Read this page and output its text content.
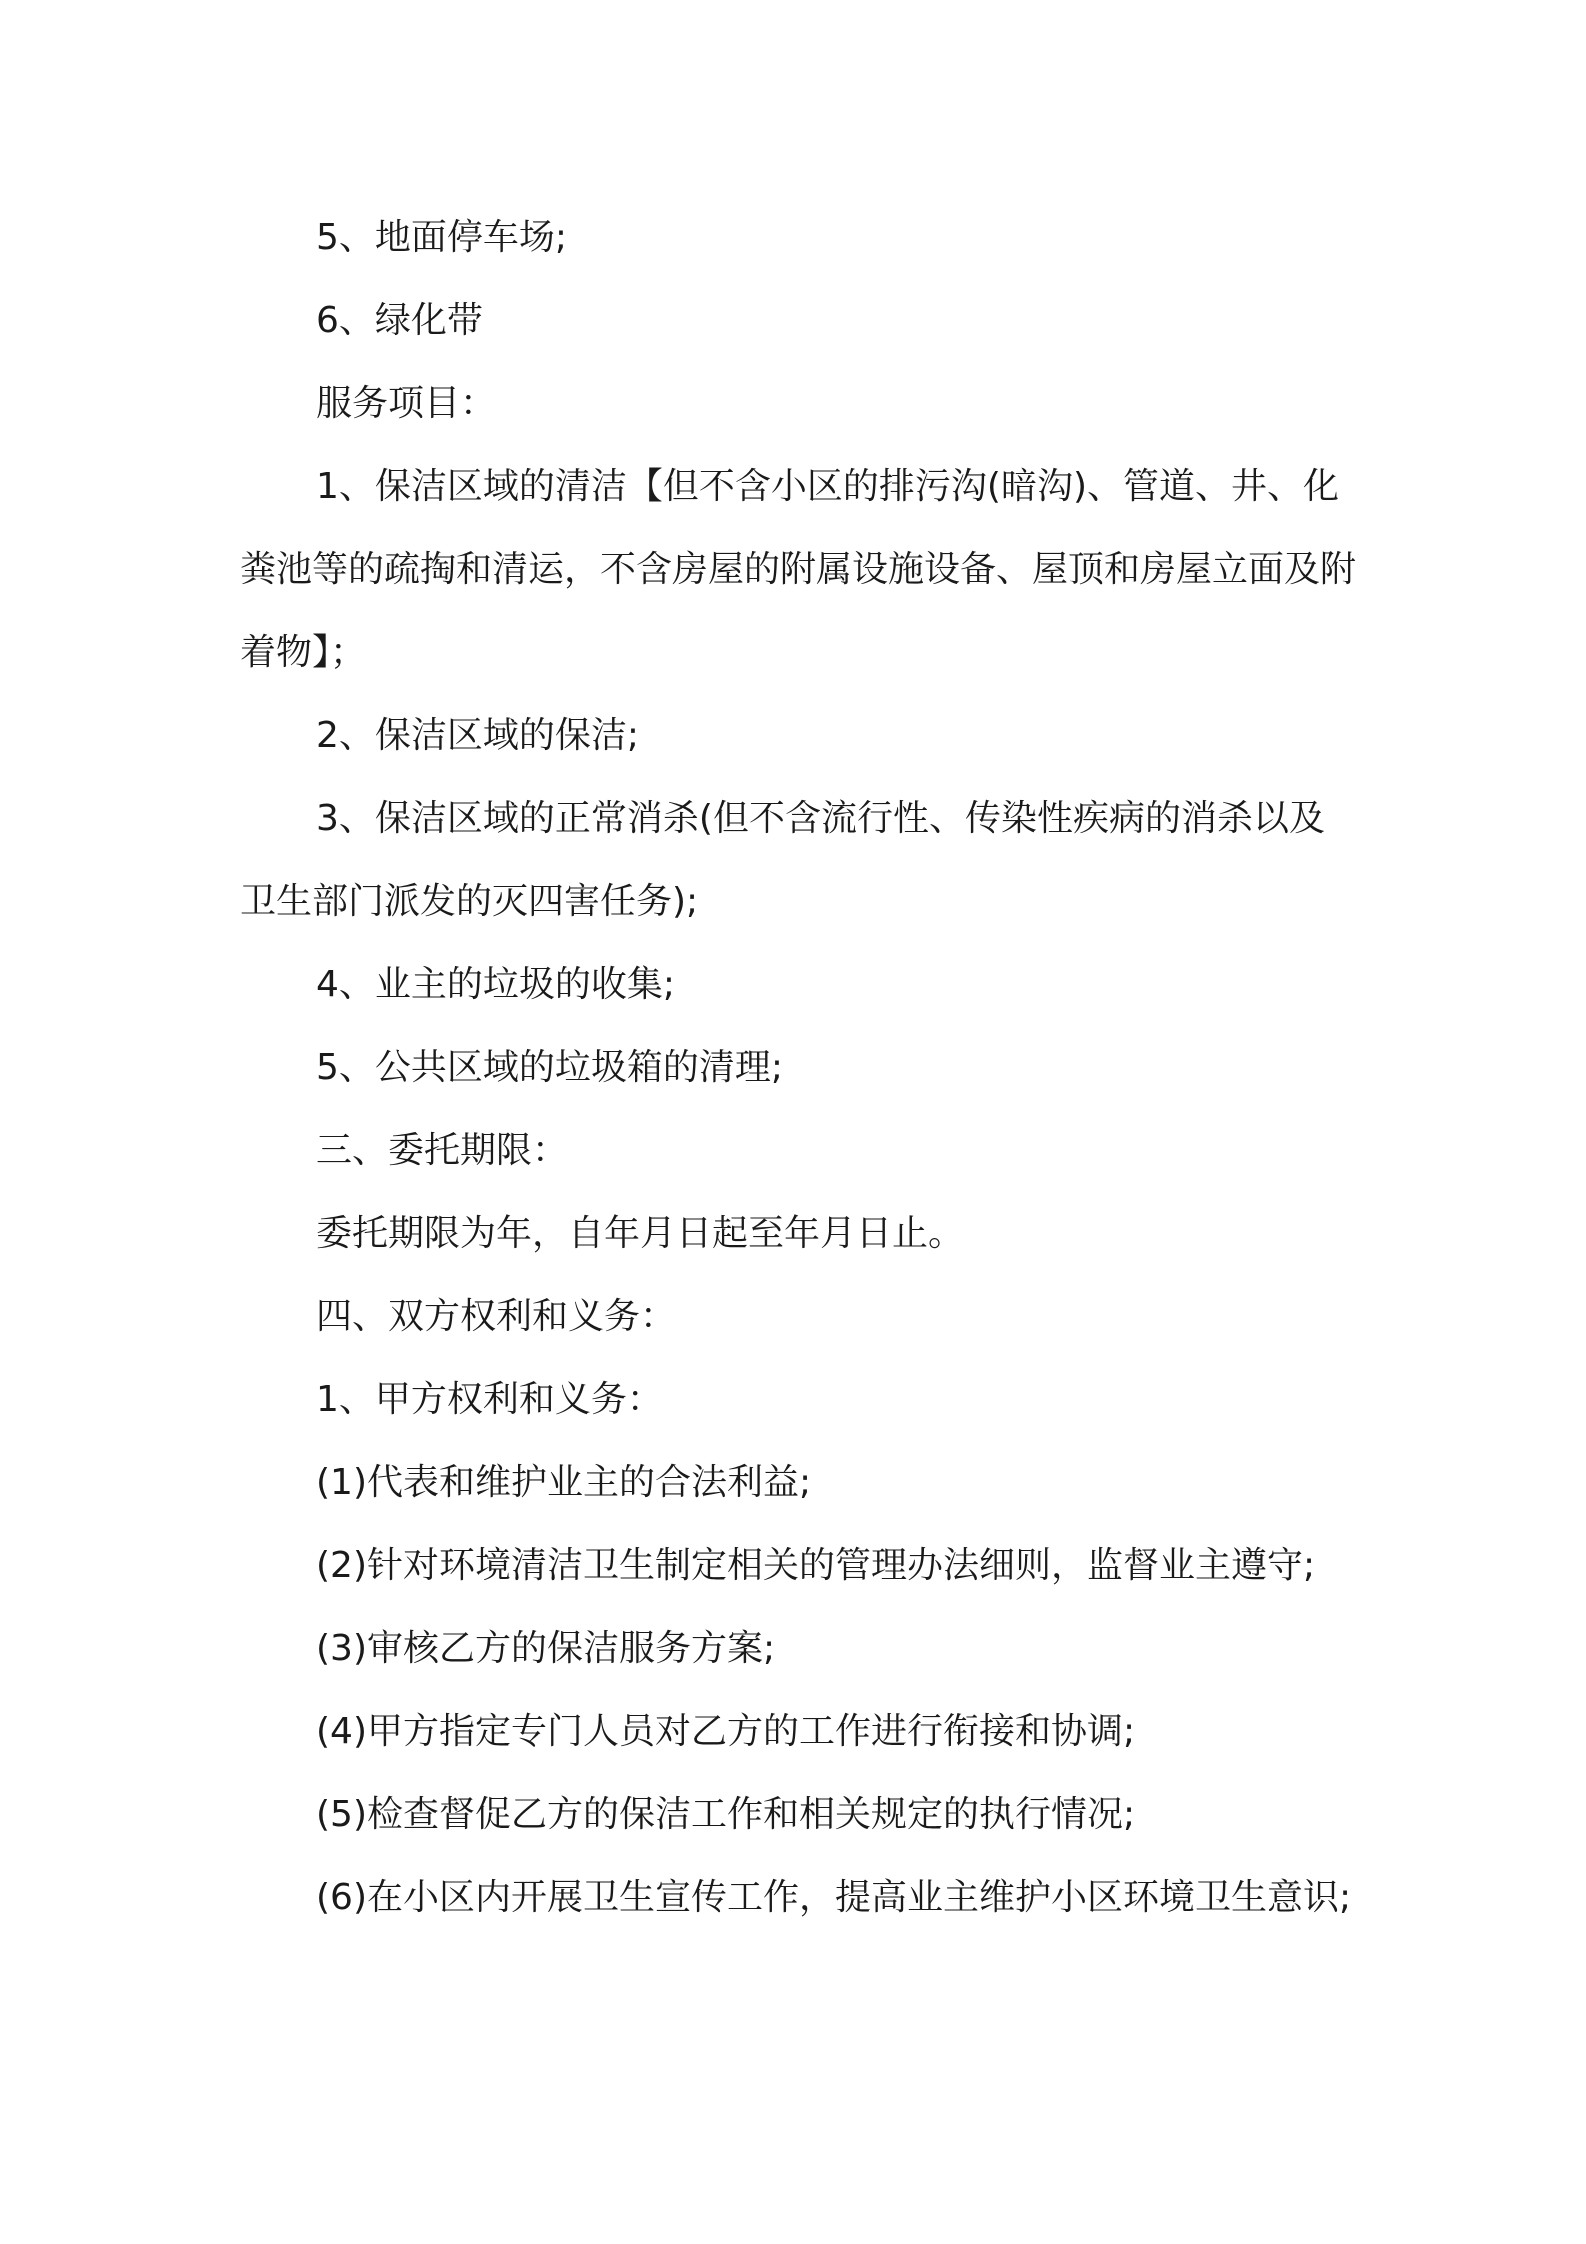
5、地面停车场;

6、绿化带

服务项目：

1、保洁区域的清洁【但不含小区的排污沟(暗沟)、管道、井、化粪池等的疏掏和清运，不含房屋的附属设施设备、屋顶和房屋立面及附着物】；

2、保洁区域的保洁;

3、保洁区域的正常消杀(但不含流行性、传染性疾病的消杀以及卫生部门派发的灭四害任务);

4、业主的垃圾的收集;

5、公共区域的垃圾箱的清理;

三、委托期限：

委托期限为年，自年月日起至年月日止。

四、双方权利和义务：

1、甲方权利和义务：

(1)代表和维护业主的合法利益;

(2)针对环境清洁卫生制定相关的管理办法细则，监督业主遵守;

(3)审核乙方的保洁服务方案;

(4)甲方指定专门人员对乙方的工作进行衔接和协调;

(5)检查督促乙方的保洁工作和相关规定的执行情况;

(6)在小区内开展卫生宣传工作，提高业主维护小区环境卫生意识;
